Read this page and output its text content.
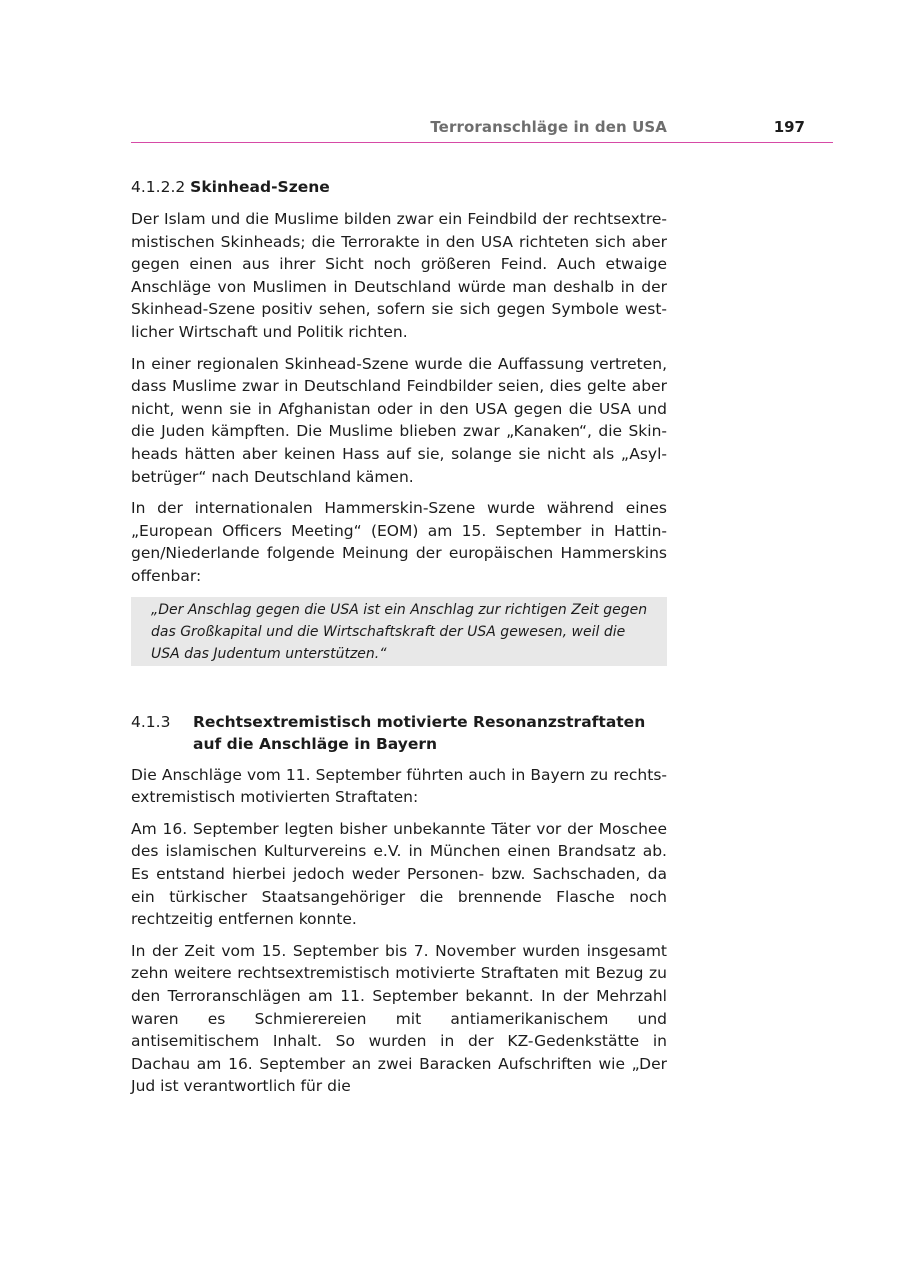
Terroranschläge in den USA	197
4.1.2.2 Skinhead-Szene

Der Islam und die Muslime bilden zwar ein Feindbild der rechtsextremistischen Skinheads; die Terrorakte in den USA richteten sich aber gegen einen aus ihrer Sicht noch größeren Feind. Auch etwaige Anschläge von Muslimen in Deutschland würde man deshalb in der Skinhead-Szene positiv sehen, sofern sie sich gegen Symbole westlicher Wirtschaft und Politik richten.

In einer regionalen Skinhead-Szene wurde die Auffassung vertreten, dass Muslime zwar in Deutschland Feindbilder seien, dies gelte aber nicht, wenn sie in Afghanistan oder in den USA gegen die USA und die Juden kämpften. Die Muslime blieben zwar „Kanaken“, die Skinheads hätten aber keinen Hass auf sie, solange sie nicht als „Asylbetrüger“ nach Deutschland kämen.

In der internationalen Hammerskin-Szene wurde während eines „European Officers Meeting“ (EOM) am 15. September in Hattingen/Niederlande folgende Meinung der europäischen Hammerskins offenbar:

„Der Anschlag gegen die USA ist ein Anschlag zur richtigen Zeit gegen das Großkapital und die Wirtschaftskraft der USA gewesen, weil die USA das Judentum unterstützen.“
4.1.3	Rechtsextremistisch motivierte Resonanzstraftaten auf die Anschläge in Bayern

Die Anschläge vom 11. September führten auch in Bayern zu rechtsextremistisch motivierten Straftaten:

Am 16. September legten bisher unbekannte Täter vor der Moschee des islamischen Kulturvereins e.V. in München einen Brandsatz ab. Es entstand hierbei jedoch weder Personen- bzw. Sachschaden, da ein türkischer Staatsangehöriger die brennende Flasche noch rechtzeitig entfernen konnte.

In der Zeit vom 15. September bis 7. November wurden insgesamt zehn weitere rechtsextremistisch motivierte Straftaten mit Bezug zu den Terroranschlägen am 11. September bekannt. In der Mehrzahl waren es Schmierereien mit antiamerikanischem und antisemitischem Inhalt. So wurden in der KZ-Gedenkstätte in Dachau am 16. September an zwei Baracken Aufschriften wie „Der Jud ist verantwortlich für die
